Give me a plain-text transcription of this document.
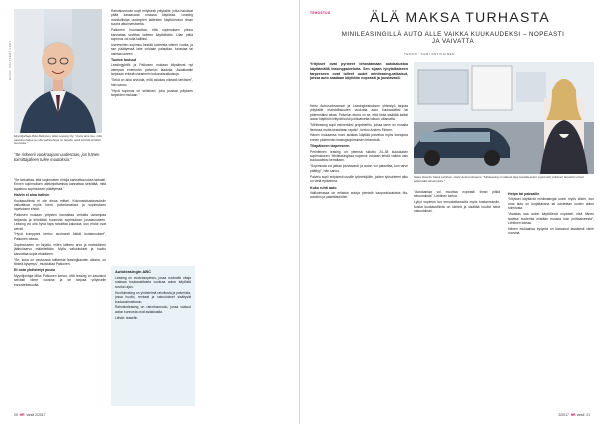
KUVA: VALTTERI VIIRI
Myyntijohtaja Mika Palkonen, Eltel Leasing Oy: "Arvioi aina itse, mitä palvelua hakee ja mitä vaihtoehtoja on tarjolla, sekä kiinnitä ehtoihin huomiota."
"Se riskeerii vuokraajaan uudestaan, jos hänen toimittajalleen tulee muutoksia."

"Se tarkoittaa, että sopimusten ehtoja kannattaa lukea tarkasti. Ennen sopimuksen allekirjoittamista kannattaa selvittää, mitä tapahtuu sopimuksen päättyessä."

Halvin ei aina hallvin

Kuukausihinta ei ole ainoa mittari. Kokonaiskustannuksiin vaikuttavat myös korot, palvelumaksut ja sopimuksen lopetuksen ehdot.

Palkosen mukaan yritysten kannattaa vertailla useampaa tarjousta ja kiinnittää huomiota sopimuksen joustavuuteen. Leasing voi olla hyvä tapa rahoittaa kalustoa, kun ehdot ovat selvät.

"Hyvä kumppani kertoo avoimesti kaikki kustannukset", Palkonen toteaa.

Sopimukseen on kirjattu, miten laitteen arvo ja mahdollinen jäännösarvo määritellään. Myös vakuutukset ja huolto kannattaa sopia etukäteen.

"Se, kuka on vastuussa laitteesta leasingkauden aikana, on tärkeä kysymys", muistuttaa Palkonen.

Et osta yhdistetyt puutu

Myyntijohtaja Mika Palkonen kertoo, että leasing on kasvanut selvästi viime vuosina ja se tarjoaa yritykselle ennustettavuutta.

Rahoitusmuoto sopii erityisesti yrityksille, jotka haluavat pitää kassavarat omassa käytössä. Leasing mahdollistaa uusimpien laitteiden käyttöönoton ilman suurta alkuinvestointia.

Palkonen huomauttaa, että sopimuksen pituus kannattaa sovittaa laitteen käyttöikään. Liian pitkä sopimus voi tulla kalliiksi.

Useimmiten sopimus kestää kolmesta viiteen vuotta, ja sen päättyessä laite voidaan palauttaa, lunastaa tai vaihtaa uuteen.

Tuotos tuutuut

Leasingyhtiöt ja Palkosen mukaan kilpailevat nyt aiempaa enemmän palvelun laadulla. Asiakkaalle tarjotaan entistä useammin kokonaisratkaisuja.

"Sekä on aika arvioida, mitä asiakas oikeasti tarvitsee", hän sanoo.

"Hyvä sopimus on sellainen, joka joustaa yrityksen tarpeiden mukaan."

Autoleasingin ABC

Leasing on vuokrasopimus, jossa vuokralle ottaja maksaa kuukausittaista vuokraa auton käytöstä sovitun ajan.

Huoltoleasing on yhdistelmä rahoitusta ja palveluita, jossa huolto, renkaat ja vakuutukset sisältyvät kuukausimaksuun.

Rahoitusleasing on rahoitusmuoto, jossa vastuut auton kunnosta ovat asiakkaalla.

Lähde: leasefin

20 HR viesti 2/2017
TEHOSTUS	ÄLÄ MAKSA TURHASTA
MINILEASINGILLÄ AUTO ALLE VAIKKA KUUKAUDEKSI – NOPEASTI JA VAIVATTA
TEKSTI: SAMI ANTIKAINEN
Yritykset ovat pyrineet tehostamaan autokalustoa käyttämällä leasingpalveluita. Sen sijaan lyhytaikaiseen tarpeeseen ovat tulleet uudet minileasing-ratkaisut, joissa auto saadaan käyttöön nopeasti ja joustavasti.

Hertz Autovuokraamon ja Leasingkeskuksen yhteistyö tarjoaa yrityksille mahdollisuuden vuokrata auto kuukaudeksi tai pidemmäksi aikaa. Palvelun etuna on se, että hinta sisältää kaikki auton käyttöön liittyvät kulut polttoainetta lukuun ottamatta.

"Minileasing sopii esimerkiksi projekteihin, joissa tarve on ennalta tiedossa mutta kestoltaan rajattu", kertoo Anders Ekbom.

Hänen mukaansa moni asiakas käyttää palvelua myös koeajona ennen pidemmän leasingsopimuksen tekemistä.

Tilapäiseen tarpeeseen

Perinteinen leasing on yleensä sidottu 24–48 kuukauden sopimukseen. Minileasingissa sopimus voidaan tehdä vaikka vain kuukaudeksi kerrallaan.

"Sopimusta voi jatkaa joustavasti, ja auton voi palauttaa, kun tarve päättyy", hän sanoo.

Palvelu sopii erityisesti uusille työntekijöille, joiden työsuhteen alku on vielä epävarma.

Koko ruhti auto

Valikoimassa on erilaisia autoja pienistä kaupunkiautoista tila-autoihin ja pakettiautoihin.

Sales Director Kaisa Lehtinen, Hertz Autovuokraamo: "Minileasing on kätevä tapa kokeilla auton sopivuutta yrityksen tarpeisiin ennen pidempää sitoutumista."

"Autokantaa voi muuttaa nopeasti ilman pitkiä sitoumuksia", Lehtinen kertoo.

Lyhyt sopimus tuo ennustettavuutta myös kustannuksiin, koska kuukausihinta on kiinteä ja sisältää huollot sekä vakuutukset.

Helpo tai paksaille

Yritykset käyttävät minileasingia usein myös silloin, kun oma auto on korjattavana tai odotetaan uuden auton toimitusta.

"Asiakas saa auton käyttöönsä nopeasti, eikä hänen tarvitse huolehtia mistään muusta kuin polttoaineesta", Lehtinen toteaa.

Hänen mukaansa kysyntä on kasvanut tasaisesti viime vuosina.

2/2017 HR viesti 21
